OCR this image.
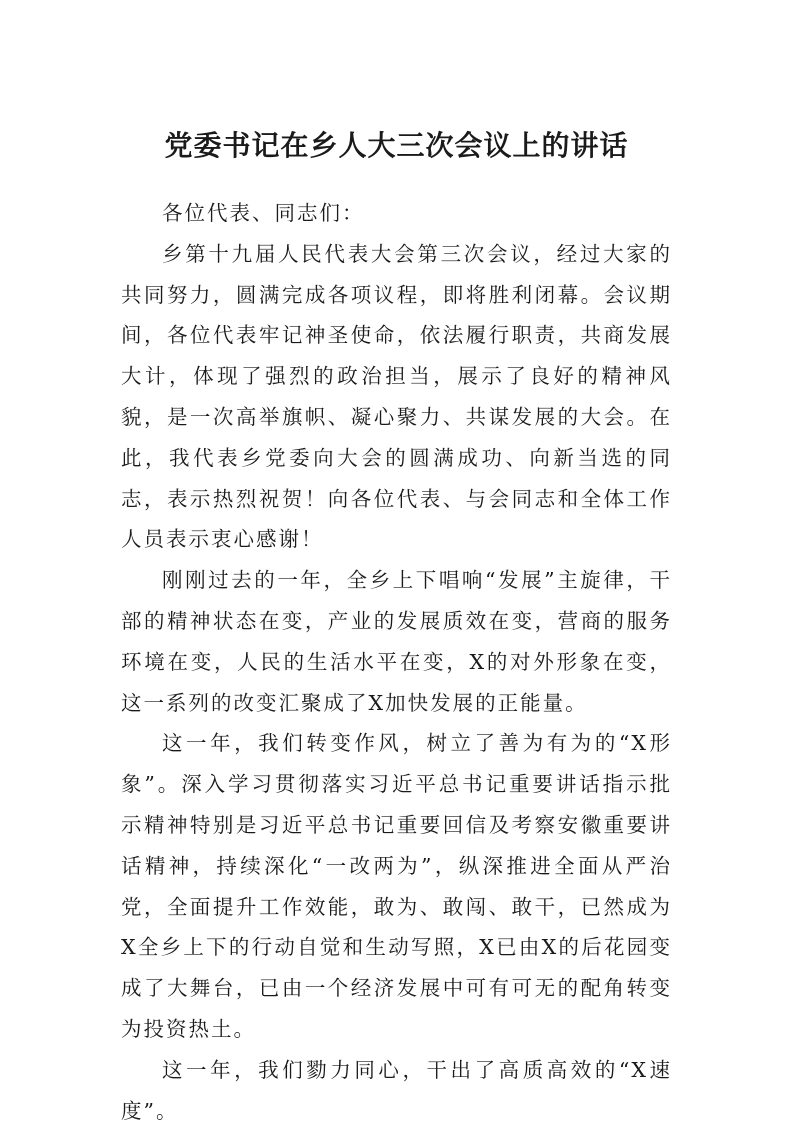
党委书记在乡人大三次会议上的讲话

各位代表、同志们：

乡第十九届人民代表大会第三次会议，经过大家的共同努力，圆满完成各项议程，即将胜利闭幕。会议期间，各位代表牢记神圣使命，依法履行职责，共商发展大计，体现了强烈的政治担当，展示了良好的精神风貌，是一次高举旗帜、凝心聚力、共谋发展的大会。在此，我代表乡党委向大会的圆满成功、向新当选的同志，表示热烈祝贺！向各位代表、与会同志和全体工作人员表示衷心感谢！

刚刚过去的一年，全乡上下唱响“发展”主旋律，干部的精神状态在变，产业的发展质效在变，营商的服务环境在变，人民的生活水平在变，X的对外形象在变，这一系列的改变汇聚成了X加快发展的正能量。

这一年，我们转变作风，树立了善为有为的“X形象”。深入学习贯彻落实习近平总书记重要讲话指示批示精神特别是习近平总书记重要回信及考察安徽重要讲话精神，持续深化“一改两为”，纵深推进全面从严治党，全面提升工作效能，敢为、敢闯、敢干，已然成为X全乡上下的行动自觉和生动写照，X已由X的后花园变成了大舞台，已由一个经济发展中可有可无的配角转变为投资热土。

这一年，我们勠力同心，干出了高质高效的“X速度”。
